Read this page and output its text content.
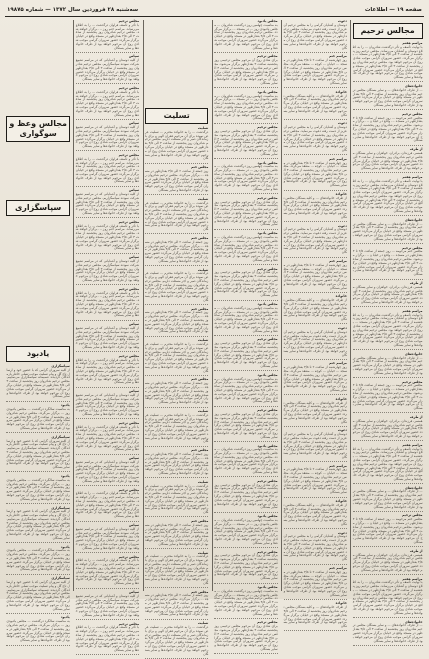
صفحه ۱۹ — اطلاعات
سه‌شنبه ۲۸ فروردین سال ۱۳۷۲ — شماره ۱۹۸۷۵
مجالس ترحیم
مراسم هفتم
با نهایت تأسف و تأثر درگذشت شادروان ... را به اطلاع دوستان و آشنایان می‌رساند. مجلس ترحیم روز پنجشنبه از ساعت ۳ الی ۴/۵ بعدازظهر در مسجد ... برگزار می‌گردد. حضور سروران گرامی موجب شادی روح آن مرحوم خواهد بود. مجلس ترحیم شادروان روز پنجشنبه از ساعت ۳ الی ۴/۵ بعدازظهر در مسجد واقع در خیابان برگزار می‌گردد حضور سروران گرامی موجب شادی روح آن مرحوم خواهد بود از طرف خانواده‌ها و سایر بستگان
خانواده‌های
... از طرف خانواده‌های ... و سایر بستگان مجلس ترحیم شادروان روز پنجشنبه از ساعت ۳ الی ۴/۵ بعدازظهر در مسجد واقع در خیابان برگزار می‌گردد حضور سروران گرامی موجب شادی روح آن مرحوم خواهد بود از طرف خانواده‌ها و سایر بستگان
مجلس ترحیم
مجلس ختم مرحومه ... روز جمعه از ساعت ۲/۵ تا ۴ بعدازظهر در مسجد ... واقع در خیابان ... برگزار می‌شود. مجلس ترحیم شادروان روز پنجشنبه از ساعت ۳ الی ۴/۵ بعدازظهر در مسجد واقع در خیابان برگزار می‌گردد حضور سروران گرامی موجب شادی روح آن مرحوم خواهد بود از طرف خانواده‌ها و سایر بستگان
از طرف
همسر، فرزندان، برادران، خواهران و سایر بستگان مجلس ترحیم شادروان روز پنجشنبه از ساعت ۳ الی ۴/۵ بعدازظهر در مسجد واقع در خیابان برگزار می‌گردد حضور سروران گرامی موجب شادی روح آن مرحوم خواهد بود از طرف خانواده‌ها و سایر بستگان
مراسم هفتم
با نهایت تأسف و تأثر درگذشت شادروان ... را به اطلاع دوستان و آشنایان می‌رساند. مجلس ترحیم روز پنجشنبه از ساعت ۳ الی ۴/۵ بعدازظهر در مسجد ... برگزار می‌گردد. حضور سروران گرامی موجب شادی روح آن مرحوم خواهد بود. مجلس ترحیم شادروان روز پنجشنبه از ساعت ۳ الی ۴/۵ بعدازظهر در مسجد واقع در خیابان برگزار می‌گردد حضور سروران گرامی موجب شادی روح آن مرحوم خواهد بود از طرف خانواده‌ها و سایر بستگان
خانواده‌های
... از طرف خانواده‌های ... و سایر بستگان مجلس ترحیم شادروان روز پنجشنبه از ساعت ۳ الی ۴/۵ بعدازظهر در مسجد واقع در خیابان برگزار می‌گردد حضور سروران گرامی موجب شادی روح آن مرحوم خواهد بود از طرف خانواده‌ها و سایر بستگان
مجلس ترحیم
مجلس ختم مرحومه ... روز جمعه از ساعت ۲/۵ تا ۴ بعدازظهر در مسجد ... واقع در خیابان ... برگزار می‌شود. مجلس ترحیم شادروان روز پنجشنبه از ساعت ۳ الی ۴/۵ بعدازظهر در مسجد واقع در خیابان برگزار می‌گردد حضور سروران گرامی موجب شادی روح آن مرحوم خواهد بود از طرف خانواده‌ها و سایر بستگان
از طرف
همسر، فرزندان، برادران، خواهران و سایر بستگان مجلس ترحیم شادروان روز پنجشنبه از ساعت ۳ الی ۴/۵ بعدازظهر در مسجد واقع در خیابان برگزار می‌گردد حضور سروران گرامی موجب شادی روح آن مرحوم خواهد بود از طرف خانواده‌ها و سایر بستگان
مراسم هفتم
با نهایت تأسف و تأثر درگذشت شادروان ... را به اطلاع دوستان و آشنایان می‌رساند. مجلس ترحیم روز پنجشنبه از ساعت ۳ الی ۴/۵ بعدازظهر در مسجد ... برگزار می‌گردد. حضور سروران گرامی موجب شادی روح آن مرحوم خواهد بود. مجلس ترحیم شادروان روز پنجشنبه از ساعت ۳ الی ۴/۵ بعدازظهر در مسجد واقع در خیابان برگزار می‌گردد حضور سروران گرامی موجب شادی روح آن مرحوم خواهد بود از طرف خانواده‌ها و سایر بستگان
خانواده‌های
... از طرف خانواده‌های ... و سایر بستگان مجلس ترحیم شادروان روز پنجشنبه از ساعت ۳ الی ۴/۵ بعدازظهر در مسجد واقع در خیابان برگزار می‌گردد حضور سروران گرامی موجب شادی روح آن مرحوم خواهد بود از طرف خانواده‌ها و سایر بستگان
مجلس ترحیم
مجلس ختم مرحومه ... روز جمعه از ساعت ۲/۵ تا ۴ بعدازظهر در مسجد ... واقع در خیابان ... برگزار می‌شود. مجلس ترحیم شادروان روز پنجشنبه از ساعت ۳ الی ۴/۵ بعدازظهر در مسجد واقع در خیابان برگزار می‌گردد حضور سروران گرامی موجب شادی روح آن مرحوم خواهد بود از طرف خانواده‌ها و سایر بستگان
از طرف
همسر، فرزندان، برادران، خواهران و سایر بستگان مجلس ترحیم شادروان روز پنجشنبه از ساعت ۳ الی ۴/۵ بعدازظهر در مسجد واقع در خیابان برگزار می‌گردد حضور سروران گرامی موجب شادی روح آن مرحوم خواهد بود از طرف خانواده‌ها و سایر بستگان
مراسم هفتم
با نهایت تأسف و تأثر درگذشت شادروان ... را به اطلاع دوستان و آشنایان می‌رساند. مجلس ترحیم روز پنجشنبه از ساعت ۳ الی ۴/۵ بعدازظهر در مسجد ... برگزار می‌گردد. حضور سروران گرامی موجب شادی روح آن مرحوم خواهد بود. مجلس ترحیم شادروان روز پنجشنبه از ساعت ۳ الی ۴/۵ بعدازظهر در مسجد واقع در خیابان برگزار می‌گردد حضور سروران گرامی موجب شادی روح آن مرحوم خواهد بود از طرف خانواده‌ها و سایر بستگان
خانواده‌های
... از طرف خانواده‌های ... و سایر بستگان مجلس ترحیم شادروان روز پنجشنبه از ساعت ۳ الی ۴/۵ بعدازظهر در مسجد واقع در خیابان برگزار می‌گردد حضور سروران گرامی موجب شادی روح آن مرحوم خواهد بود از طرف خانواده‌ها و سایر بستگان
مجلس ترحیم
مجلس ختم مرحومه ... روز جمعه از ساعت ۲/۵ تا ۴ بعدازظهر در مسجد ... واقع در خیابان ... برگزار می‌شود. مجلس ترحیم شادروان روز پنجشنبه از ساعت ۳ الی ۴/۵ بعدازظهر در مسجد واقع در خیابان برگزار می‌گردد حضور سروران گرامی موجب شادی روح آن مرحوم خواهد بود از طرف خانواده‌ها و سایر بستگان
از طرف
همسر، فرزندان، برادران، خواهران و سایر بستگان مجلس ترحیم شادروان روز پنجشنبه از ساعت ۳ الی ۴/۵ بعدازظهر در مسجد واقع در خیابان برگزار می‌گردد حضور سروران گرامی موجب شادی روح آن مرحوم خواهد بود از طرف خانواده‌ها و سایر بستگان
مراسم هفتم
با نهایت تأسف و تأثر درگذشت شادروان ... را به اطلاع دوستان و آشنایان می‌رساند. مجلس ترحیم روز پنجشنبه از ساعت ۳ الی ۴/۵ بعدازظهر در مسجد ... برگزار می‌گردد. حضور سروران گرامی موجب شادی روح آن مرحوم خواهد بود. مجلس ترحیم شادروان روز پنجشنبه از ساعت ۳ الی ۴/۵ بعدازظهر در مسجد واقع در خیابان برگزار می‌گردد حضور سروران گرامی موجب شادی روح آن مرحوم خواهد بود از طرف خانواده‌ها و سایر بستگان
خانواده‌های
... از طرف خانواده‌های ... و سایر بستگان مجلس ترحیم شادروان روز پنجشنبه از ساعت ۳ الی ۴/۵ بعدازظهر در مسجد واقع در خیابان برگزار می‌گردد حضور سروران گرامی موجب شادی روح آن مرحوم خواهد بود از طرف خانواده‌ها و سایر بستگان
دعوت
دوستان و آشنایان گرامی را به مجلس ترحیم آن عزیز از دست رفته دعوت می‌نماید. مجلس ترحیم شادروان روز پنجشنبه از ساعت ۳ الی ۴/۵ بعدازظهر در مسجد واقع در خیابان برگزار می‌گردد حضور سروران گرامی موجب شادی روح آن مرحوم خواهد بود از طرف خانواده‌ها و سایر بستگان
مراسم ختم
روز چهارشنبه از ساعت ۲ تا ۳/۵ بعدازظهر در مسجد ... خیابان ... کوچه ... منعقد می‌گردد. مجلس ترحیم شادروان روز پنجشنبه از ساعت ۳ الی ۴/۵ بعدازظهر در مسجد واقع در خیابان برگزار می‌گردد حضور سروران گرامی موجب شادی روح آن مرحوم خواهد بود از طرف خانواده‌ها و سایر بستگان
خانواده
از طرف خانواده‌های ... و کلیه بستگان مجلس ترحیم شادروان روز پنجشنبه از ساعت ۳ الی ۴/۵ بعدازظهر در مسجد واقع در خیابان برگزار می‌گردد حضور سروران گرامی موجب شادی روح آن مرحوم خواهد بود از طرف خانواده‌ها و سایر بستگان
دعوت
دوستان و آشنایان گرامی را به مجلس ترحیم آن عزیز از دست رفته دعوت می‌نماید. مجلس ترحیم شادروان روز پنجشنبه از ساعت ۳ الی ۴/۵ بعدازظهر در مسجد واقع در خیابان برگزار می‌گردد حضور سروران گرامی موجب شادی روح آن مرحوم خواهد بود از طرف خانواده‌ها و سایر بستگان
مراسم ختم
روز چهارشنبه از ساعت ۲ تا ۳/۵ بعدازظهر در مسجد ... خیابان ... کوچه ... منعقد می‌گردد. مجلس ترحیم شادروان روز پنجشنبه از ساعت ۳ الی ۴/۵ بعدازظهر در مسجد واقع در خیابان برگزار می‌گردد حضور سروران گرامی موجب شادی روح آن مرحوم خواهد بود از طرف خانواده‌ها و سایر بستگان
خانواده
از طرف خانواده‌های ... و کلیه بستگان مجلس ترحیم شادروان روز پنجشنبه از ساعت ۳ الی ۴/۵ بعدازظهر در مسجد واقع در خیابان برگزار می‌گردد حضور سروران گرامی موجب شادی روح آن مرحوم خواهد بود از طرف خانواده‌ها و سایر بستگان
دعوت
دوستان و آشنایان گرامی را به مجلس ترحیم آن عزیز از دست رفته دعوت می‌نماید. مجلس ترحیم شادروان روز پنجشنبه از ساعت ۳ الی ۴/۵ بعدازظهر در مسجد واقع در خیابان برگزار می‌گردد حضور سروران گرامی موجب شادی روح آن مرحوم خواهد بود از طرف خانواده‌ها و سایر بستگان
مراسم ختم
روز چهارشنبه از ساعت ۲ تا ۳/۵ بعدازظهر در مسجد ... خیابان ... کوچه ... منعقد می‌گردد. مجلس ترحیم شادروان روز پنجشنبه از ساعت ۳ الی ۴/۵ بعدازظهر در مسجد واقع در خیابان برگزار می‌گردد حضور سروران گرامی موجب شادی روح آن مرحوم خواهد بود از طرف خانواده‌ها و سایر بستگان
خانواده
از طرف خانواده‌های ... و کلیه بستگان مجلس ترحیم شادروان روز پنجشنبه از ساعت ۳ الی ۴/۵ بعدازظهر در مسجد واقع در خیابان برگزار می‌گردد حضور سروران گرامی موجب شادی روح آن مرحوم خواهد بود از طرف خانواده‌ها و سایر بستگان
دعوت
دوستان و آشنایان گرامی را به مجلس ترحیم آن عزیز از دست رفته دعوت می‌نماید. مجلس ترحیم شادروان روز پنجشنبه از ساعت ۳ الی ۴/۵ بعدازظهر در مسجد واقع در خیابان برگزار می‌گردد حضور سروران گرامی موجب شادی روح آن مرحوم خواهد بود از طرف خانواده‌ها و سایر بستگان
مراسم ختم
روز چهارشنبه از ساعت ۲ تا ۳/۵ بعدازظهر در مسجد ... خیابان ... کوچه ... منعقد می‌گردد. مجلس ترحیم شادروان روز پنجشنبه از ساعت ۳ الی ۴/۵ بعدازظهر در مسجد واقع در خیابان برگزار می‌گردد حضور سروران گرامی موجب شادی روح آن مرحوم خواهد بود از طرف خانواده‌ها و سایر بستگان
خانواده
از طرف خانواده‌های ... و کلیه بستگان مجلس ترحیم شادروان روز پنجشنبه از ساعت ۳ الی ۴/۵ بعدازظهر در مسجد واقع در خیابان برگزار می‌گردد حضور سروران گرامی موجب شادی روح آن مرحوم خواهد بود از طرف خانواده‌ها و سایر بستگان
دعوت
دوستان و آشنایان گرامی را به مجلس ترحیم آن عزیز از دست رفته دعوت می‌نماید. مجلس ترحیم شادروان روز پنجشنبه از ساعت ۳ الی ۴/۵ بعدازظهر در مسجد واقع در خیابان برگزار می‌گردد حضور سروران گرامی موجب شادی روح آن مرحوم خواهد بود از طرف خانواده‌ها و سایر بستگان
مراسم ختم
روز چهارشنبه از ساعت ۲ تا ۳/۵ بعدازظهر در مسجد ... خیابان ... کوچه ... منعقد می‌گردد. مجلس ترحیم شادروان روز پنجشنبه از ساعت ۳ الی ۴/۵ بعدازظهر در مسجد واقع در خیابان برگزار می‌گردد حضور سروران گرامی موجب شادی روح آن مرحوم خواهد بود از طرف خانواده‌ها و سایر بستگان
خانواده
از طرف خانواده‌های ... و کلیه بستگان مجلس ترحیم شادروان روز پنجشنبه از ساعت ۳ الی ۴/۵ بعدازظهر در مسجد واقع در خیابان برگزار می‌گردد حضور سروران گرامی موجب شادی روح آن مرحوم خواهد بود از طرف خانواده‌ها و سایر بستگان
دعوت
دوستان و آشنایان گرامی را به مجلس ترحیم آن عزیز از دست رفته دعوت می‌نماید. مجلس ترحیم شادروان روز پنجشنبه از ساعت ۳ الی ۴/۵ بعدازظهر در مسجد واقع در خیابان برگزار می‌گردد حضور سروران گرامی موجب شادی روح آن مرحوم خواهد بود از طرف خانواده‌ها و سایر بستگان
مراسم ختم
روز چهارشنبه از ساعت ۲ تا ۳/۵ بعدازظهر در مسجد ... خیابان ... کوچه ... منعقد می‌گردد. مجلس ترحیم شادروان روز پنجشنبه از ساعت ۳ الی ۴/۵ بعدازظهر در مسجد واقع در خیابان برگزار می‌گردد حضور سروران گرامی موجب شادی روح آن مرحوم خواهد بود از طرف خانواده‌ها و سایر بستگان
خانواده
از طرف خانواده‌های ... و کلیه بستگان مجلس ترحیم شادروان روز پنجشنبه از ساعت ۳ الی ۴/۵ بعدازظهر در مسجد واقع در خیابان برگزار می‌گردد حضور سروران گرامی موجب شادی روح آن مرحوم خواهد بود از طرف خانواده‌ها و سایر بستگان
مجلس یادبود
به مناسبت چهلمین روز درگذشت شادروان ... مجلس یادبودی روز ... در مسجد ... برگزار می‌گردد. مجلس ترحیم شادروان روز پنجشنبه از ساعت ۳ الی ۴/۵ بعدازظهر در مسجد واقع در خیابان برگزار می‌گردد حضور سروران گرامی موجب شادی روح آن مرحوم خواهد بود از طرف خانواده‌ها و سایر بستگان
مجلس ترحیم
برای شادی روح آن مرحوم مجلس ترحیمی روز پنجشنبه ساعت ۳ بعدازظهر برگزار می‌شود. مجلس ترحیم شادروان روز پنجشنبه از ساعت ۳ الی ۴/۵ بعدازظهر در مسجد واقع در خیابان برگزار می‌گردد حضور سروران گرامی موجب شادی روح آن مرحوم خواهد بود از طرف خانواده‌ها و سایر بستگان
مجلس یادبود
به مناسبت چهلمین روز درگذشت شادروان ... مجلس یادبودی روز ... در مسجد ... برگزار می‌گردد. مجلس ترحیم شادروان روز پنجشنبه از ساعت ۳ الی ۴/۵ بعدازظهر در مسجد واقع در خیابان برگزار می‌گردد حضور سروران گرامی موجب شادی روح آن مرحوم خواهد بود از طرف خانواده‌ها و سایر بستگان
مجلس ترحیم
برای شادی روح آن مرحوم مجلس ترحیمی روز پنجشنبه ساعت ۳ بعدازظهر برگزار می‌شود. مجلس ترحیم شادروان روز پنجشنبه از ساعت ۳ الی ۴/۵ بعدازظهر در مسجد واقع در خیابان برگزار می‌گردد حضور سروران گرامی موجب شادی روح آن مرحوم خواهد بود از طرف خانواده‌ها و سایر بستگان
مجلس یادبود
به مناسبت چهلمین روز درگذشت شادروان ... مجلس یادبودی روز ... در مسجد ... برگزار می‌گردد. مجلس ترحیم شادروان روز پنجشنبه از ساعت ۳ الی ۴/۵ بعدازظهر در مسجد واقع در خیابان برگزار می‌گردد حضور سروران گرامی موجب شادی روح آن مرحوم خواهد بود از طرف خانواده‌ها و سایر بستگان
مجلس ترحیم
برای شادی روح آن مرحوم مجلس ترحیمی روز پنجشنبه ساعت ۳ بعدازظهر برگزار می‌شود. مجلس ترحیم شادروان روز پنجشنبه از ساعت ۳ الی ۴/۵ بعدازظهر در مسجد واقع در خیابان برگزار می‌گردد حضور سروران گرامی موجب شادی روح آن مرحوم خواهد بود از طرف خانواده‌ها و سایر بستگان
مجلس یادبود
به مناسبت چهلمین روز درگذشت شادروان ... مجلس یادبودی روز ... در مسجد ... برگزار می‌گردد. مجلس ترحیم شادروان روز پنجشنبه از ساعت ۳ الی ۴/۵ بعدازظهر در مسجد واقع در خیابان برگزار می‌گردد حضور سروران گرامی موجب شادی روح آن مرحوم خواهد بود از طرف خانواده‌ها و سایر بستگان
مجلس ترحیم
برای شادی روح آن مرحوم مجلس ترحیمی روز پنجشنبه ساعت ۳ بعدازظهر برگزار می‌شود. مجلس ترحیم شادروان روز پنجشنبه از ساعت ۳ الی ۴/۵ بعدازظهر در مسجد واقع در خیابان برگزار می‌گردد حضور سروران گرامی موجب شادی روح آن مرحوم خواهد بود از طرف خانواده‌ها و سایر بستگان
مجلس یادبود
به مناسبت چهلمین روز درگذشت شادروان ... مجلس یادبودی روز ... در مسجد ... برگزار می‌گردد. مجلس ترحیم شادروان روز پنجشنبه از ساعت ۳ الی ۴/۵ بعدازظهر در مسجد واقع در خیابان برگزار می‌گردد حضور سروران گرامی موجب شادی روح آن مرحوم خواهد بود از طرف خانواده‌ها و سایر بستگان
مجلس ترحیم
برای شادی روح آن مرحوم مجلس ترحیمی روز پنجشنبه ساعت ۳ بعدازظهر برگزار می‌شود. مجلس ترحیم شادروان روز پنجشنبه از ساعت ۳ الی ۴/۵ بعدازظهر در مسجد واقع در خیابان برگزار می‌گردد حضور سروران گرامی موجب شادی روح آن مرحوم خواهد بود از طرف خانواده‌ها و سایر بستگان
مجلس یادبود
به مناسبت چهلمین روز درگذشت شادروان ... مجلس یادبودی روز ... در مسجد ... برگزار می‌گردد. مجلس ترحیم شادروان روز پنجشنبه از ساعت ۳ الی ۴/۵ بعدازظهر در مسجد واقع در خیابان برگزار می‌گردد حضور سروران گرامی موجب شادی روح آن مرحوم خواهد بود از طرف خانواده‌ها و سایر بستگان
مجلس ترحیم
برای شادی روح آن مرحوم مجلس ترحیمی روز پنجشنبه ساعت ۳ بعدازظهر برگزار می‌شود. مجلس ترحیم شادروان روز پنجشنبه از ساعت ۳ الی ۴/۵ بعدازظهر در مسجد واقع در خیابان برگزار می‌گردد حضور سروران گرامی موجب شادی روح آن مرحوم خواهد بود از طرف خانواده‌ها و سایر بستگان
مجلس یادبود
به مناسبت چهلمین روز درگذشت شادروان ... مجلس یادبودی روز ... در مسجد ... برگزار می‌گردد. مجلس ترحیم شادروان روز پنجشنبه از ساعت ۳ الی ۴/۵ بعدازظهر در مسجد واقع در خیابان برگزار می‌گردد حضور سروران گرامی موجب شادی روح آن مرحوم خواهد بود از طرف خانواده‌ها و سایر بستگان
مجلس ترحیم
برای شادی روح آن مرحوم مجلس ترحیمی روز پنجشنبه ساعت ۳ بعدازظهر برگزار می‌شود. مجلس ترحیم شادروان روز پنجشنبه از ساعت ۳ الی ۴/۵ بعدازظهر در مسجد واقع در خیابان برگزار می‌گردد حضور سروران گرامی موجب شادی روح آن مرحوم خواهد بود از طرف خانواده‌ها و سایر بستگان
مجلس یادبود
به مناسبت چهلمین روز درگذشت شادروان ... مجلس یادبودی روز ... در مسجد ... برگزار می‌گردد. مجلس ترحیم شادروان روز پنجشنبه از ساعت ۳ الی ۴/۵ بعدازظهر در مسجد واقع در خیابان برگزار می‌گردد حضور سروران گرامی موجب شادی روح آن مرحوم خواهد بود از طرف خانواده‌ها و سایر بستگان
مجلس ترحیم
برای شادی روح آن مرحوم مجلس ترحیمی روز پنجشنبه ساعت ۳ بعدازظهر برگزار می‌شود. مجلس ترحیم شادروان روز پنجشنبه از ساعت ۳ الی ۴/۵ بعدازظهر در مسجد واقع در خیابان برگزار می‌گردد حضور سروران گرامی موجب شادی روح آن مرحوم خواهد بود از طرف خانواده‌ها و سایر بستگان
مجلس یادبود
به مناسبت چهلمین روز درگذشت شادروان ... مجلس یادبودی روز ... در مسجد ... برگزار می‌گردد. مجلس ترحیم شادروان روز پنجشنبه از ساعت ۳ الی ۴/۵ بعدازظهر در مسجد واقع در خیابان برگزار می‌گردد حضور سروران گرامی موجب شادی روح آن مرحوم خواهد بود از طرف خانواده‌ها و سایر بستگان
مجلس ترحیم
برای شادی روح آن مرحوم مجلس ترحیمی روز پنجشنبه ساعت ۳ بعدازظهر برگزار می‌شود. مجلس ترحیم شادروان روز پنجشنبه از ساعت ۳ الی ۴/۵ بعدازظهر در مسجد واقع در خیابان برگزار می‌گردد حضور سروران گرامی موجب شادی روح آن مرحوم خواهد بود از طرف خانواده‌ها و سایر بستگان
تسلیت
تسلیت
درگذشت ... را به خانواده محترم ... تسلیت عرض نموده برای آن مرحوم غفران الهی و برای بازماندگان صبر و اجر مسئلت داریم. مجلس ترحیم شادروان روز پنجشنبه از ساعت ۳ الی ۴/۵ بعدازظهر در مسجد واقع در خیابان برگزار می‌گردد حضور سروران گرامی موجب شادی روح آن مرحوم خواهد بود از طرف خانواده‌ها و سایر بستگان
مجلس ختم
روز جمعه از ساعت ۲ الی ۳/۵ بعدازظهر در مسجد ... برگزار می‌گردد. مجلس ترحیم شادروان روز پنجشنبه از ساعت ۳ الی ۴/۵ بعدازظهر در مسجد واقع در خیابان برگزار می‌گردد حضور سروران گرامی موجب شادی روح آن مرحوم خواهد بود از طرف خانواده‌ها و سایر بستگان
تسلیت
درگذشت ... را به خانواده محترم ... تسلیت عرض نموده برای آن مرحوم غفران الهی و برای بازماندگان صبر و اجر مسئلت داریم. مجلس ترحیم شادروان روز پنجشنبه از ساعت ۳ الی ۴/۵ بعدازظهر در مسجد واقع در خیابان برگزار می‌گردد حضور سروران گرامی موجب شادی روح آن مرحوم خواهد بود از طرف خانواده‌ها و سایر بستگان
مجلس ختم
روز جمعه از ساعت ۲ الی ۳/۵ بعدازظهر در مسجد ... برگزار می‌گردد. مجلس ترحیم شادروان روز پنجشنبه از ساعت ۳ الی ۴/۵ بعدازظهر در مسجد واقع در خیابان برگزار می‌گردد حضور سروران گرامی موجب شادی روح آن مرحوم خواهد بود از طرف خانواده‌ها و سایر بستگان
تسلیت
درگذشت ... را به خانواده محترم ... تسلیت عرض نموده برای آن مرحوم غفران الهی و برای بازماندگان صبر و اجر مسئلت داریم. مجلس ترحیم شادروان روز پنجشنبه از ساعت ۳ الی ۴/۵ بعدازظهر در مسجد واقع در خیابان برگزار می‌گردد حضور سروران گرامی موجب شادی روح آن مرحوم خواهد بود از طرف خانواده‌ها و سایر بستگان
مجلس ختم
روز جمعه از ساعت ۲ الی ۳/۵ بعدازظهر در مسجد ... برگزار می‌گردد. مجلس ترحیم شادروان روز پنجشنبه از ساعت ۳ الی ۴/۵ بعدازظهر در مسجد واقع در خیابان برگزار می‌گردد حضور سروران گرامی موجب شادی روح آن مرحوم خواهد بود از طرف خانواده‌ها و سایر بستگان
تسلیت
درگذشت ... را به خانواده محترم ... تسلیت عرض نموده برای آن مرحوم غفران الهی و برای بازماندگان صبر و اجر مسئلت داریم. مجلس ترحیم شادروان روز پنجشنبه از ساعت ۳ الی ۴/۵ بعدازظهر در مسجد واقع در خیابان برگزار می‌گردد حضور سروران گرامی موجب شادی روح آن مرحوم خواهد بود از طرف خانواده‌ها و سایر بستگان
مجلس ختم
روز جمعه از ساعت ۲ الی ۳/۵ بعدازظهر در مسجد ... برگزار می‌گردد. مجلس ترحیم شادروان روز پنجشنبه از ساعت ۳ الی ۴/۵ بعدازظهر در مسجد واقع در خیابان برگزار می‌گردد حضور سروران گرامی موجب شادی روح آن مرحوم خواهد بود از طرف خانواده‌ها و سایر بستگان
تسلیت
درگذشت ... را به خانواده محترم ... تسلیت عرض نموده برای آن مرحوم غفران الهی و برای بازماندگان صبر و اجر مسئلت داریم. مجلس ترحیم شادروان روز پنجشنبه از ساعت ۳ الی ۴/۵ بعدازظهر در مسجد واقع در خیابان برگزار می‌گردد حضور سروران گرامی موجب شادی روح آن مرحوم خواهد بود از طرف خانواده‌ها و سایر بستگان
مجلس ختم
روز جمعه از ساعت ۲ الی ۳/۵ بعدازظهر در مسجد ... برگزار می‌گردد. مجلس ترحیم شادروان روز پنجشنبه از ساعت ۳ الی ۴/۵ بعدازظهر در مسجد واقع در خیابان برگزار می‌گردد حضور سروران گرامی موجب شادی روح آن مرحوم خواهد بود از طرف خانواده‌ها و سایر بستگان
تسلیت
درگذشت ... را به خانواده محترم ... تسلیت عرض نموده برای آن مرحوم غفران الهی و برای بازماندگان صبر و اجر مسئلت داریم. مجلس ترحیم شادروان روز پنجشنبه از ساعت ۳ الی ۴/۵ بعدازظهر در مسجد واقع در خیابان برگزار می‌گردد حضور سروران گرامی موجب شادی روح آن مرحوم خواهد بود از طرف خانواده‌ها و سایر بستگان
مجلس ختم
روز جمعه از ساعت ۲ الی ۳/۵ بعدازظهر در مسجد ... برگزار می‌گردد. مجلس ترحیم شادروان روز پنجشنبه از ساعت ۳ الی ۴/۵ بعدازظهر در مسجد واقع در خیابان برگزار می‌گردد حضور سروران گرامی موجب شادی روح آن مرحوم خواهد بود از طرف خانواده‌ها و سایر بستگان
تسلیت
درگذشت ... را به خانواده محترم ... تسلیت عرض نموده برای آن مرحوم غفران الهی و برای بازماندگان صبر و اجر مسئلت داریم. مجلس ترحیم شادروان روز پنجشنبه از ساعت ۳ الی ۴/۵ بعدازظهر در مسجد واقع در خیابان برگزار می‌گردد حضور سروران گرامی موجب شادی روح آن مرحوم خواهد بود از طرف خانواده‌ها و سایر بستگان
مجلس ختم
روز جمعه از ساعت ۲ الی ۳/۵ بعدازظهر در مسجد ... برگزار می‌گردد. مجلس ترحیم شادروان روز پنجشنبه از ساعت ۳ الی ۴/۵ بعدازظهر در مسجد واقع در خیابان برگزار می‌گردد حضور سروران گرامی موجب شادی روح آن مرحوم خواهد بود از طرف خانواده‌ها و سایر بستگان
تسلیت
درگذشت ... را به خانواده محترم ... تسلیت عرض نموده برای آن مرحوم غفران الهی و برای بازماندگان صبر و اجر مسئلت داریم. مجلس ترحیم شادروان روز پنجشنبه از ساعت ۳ الی ۴/۵ بعدازظهر در مسجد واقع در خیابان برگزار می‌گردد حضور سروران گرامی موجب شادی روح آن مرحوم خواهد بود از طرف خانواده‌ها و سایر بستگان
مجلس ترحیم
با تأثر و تأسف فراوان درگذشت ... را به اطلاع می‌رساند. مراسم ختم روز ... برگزار خواهد شد. مجلس ترحیم شادروان روز پنجشنبه از ساعت ۳ الی ۴/۵ بعدازظهر در مسجد واقع در خیابان برگزار می‌گردد حضور سروران گرامی موجب شادی روح آن مرحوم خواهد بود از طرف خانواده‌ها و سایر بستگان
سپاس
از کلیه دوستان و آشنایانی که در مراسم تشییع شرکت نمودند سپاسگزاریم. مجلس ترحیم شادروان روز پنجشنبه از ساعت ۳ الی ۴/۵ بعدازظهر در مسجد واقع در خیابان برگزار می‌گردد حضور سروران گرامی موجب شادی روح آن مرحوم خواهد بود از طرف خانواده‌ها و سایر بستگان
مجلس ترحیم
با تأثر و تأسف فراوان درگذشت ... را به اطلاع می‌رساند. مراسم ختم روز ... برگزار خواهد شد. مجلس ترحیم شادروان روز پنجشنبه از ساعت ۳ الی ۴/۵ بعدازظهر در مسجد واقع در خیابان برگزار می‌گردد حضور سروران گرامی موجب شادی روح آن مرحوم خواهد بود از طرف خانواده‌ها و سایر بستگان
سپاس
از کلیه دوستان و آشنایانی که در مراسم تشییع شرکت نمودند سپاسگزاریم. مجلس ترحیم شادروان روز پنجشنبه از ساعت ۳ الی ۴/۵ بعدازظهر در مسجد واقع در خیابان برگزار می‌گردد حضور سروران گرامی موجب شادی روح آن مرحوم خواهد بود از طرف خانواده‌ها و سایر بستگان
مجلس ترحیم
با تأثر و تأسف فراوان درگذشت ... را به اطلاع می‌رساند. مراسم ختم روز ... برگزار خواهد شد. مجلس ترحیم شادروان روز پنجشنبه از ساعت ۳ الی ۴/۵ بعدازظهر در مسجد واقع در خیابان برگزار می‌گردد حضور سروران گرامی موجب شادی روح آن مرحوم خواهد بود از طرف خانواده‌ها و سایر بستگان
سپاس
از کلیه دوستان و آشنایانی که در مراسم تشییع شرکت نمودند سپاسگزاریم. مجلس ترحیم شادروان روز پنجشنبه از ساعت ۳ الی ۴/۵ بعدازظهر در مسجد واقع در خیابان برگزار می‌گردد حضور سروران گرامی موجب شادی روح آن مرحوم خواهد بود از طرف خانواده‌ها و سایر بستگان
مجلس ترحیم
با تأثر و تأسف فراوان درگذشت ... را به اطلاع می‌رساند. مراسم ختم روز ... برگزار خواهد شد. مجلس ترحیم شادروان روز پنجشنبه از ساعت ۳ الی ۴/۵ بعدازظهر در مسجد واقع در خیابان برگزار می‌گردد حضور سروران گرامی موجب شادی روح آن مرحوم خواهد بود از طرف خانواده‌ها و سایر بستگان
سپاس
از کلیه دوستان و آشنایانی که در مراسم تشییع شرکت نمودند سپاسگزاریم. مجلس ترحیم شادروان روز پنجشنبه از ساعت ۳ الی ۴/۵ بعدازظهر در مسجد واقع در خیابان برگزار می‌گردد حضور سروران گرامی موجب شادی روح آن مرحوم خواهد بود از طرف خانواده‌ها و سایر بستگان
مجلس ترحیم
با تأثر و تأسف فراوان درگذشت ... را به اطلاع می‌رساند. مراسم ختم روز ... برگزار خواهد شد. مجلس ترحیم شادروان روز پنجشنبه از ساعت ۳ الی ۴/۵ بعدازظهر در مسجد واقع در خیابان برگزار می‌گردد حضور سروران گرامی موجب شادی روح آن مرحوم خواهد بود از طرف خانواده‌ها و سایر بستگان
سپاس
از کلیه دوستان و آشنایانی که در مراسم تشییع شرکت نمودند سپاسگزاریم. مجلس ترحیم شادروان روز پنجشنبه از ساعت ۳ الی ۴/۵ بعدازظهر در مسجد واقع در خیابان برگزار می‌گردد حضور سروران گرامی موجب شادی روح آن مرحوم خواهد بود از طرف خانواده‌ها و سایر بستگان
مجلس ترحیم
با تأثر و تأسف فراوان درگذشت ... را به اطلاع می‌رساند. مراسم ختم روز ... برگزار خواهد شد. مجلس ترحیم شادروان روز پنجشنبه از ساعت ۳ الی ۴/۵ بعدازظهر در مسجد واقع در خیابان برگزار می‌گردد حضور سروران گرامی موجب شادی روح آن مرحوم خواهد بود از طرف خانواده‌ها و سایر بستگان
سپاس
از کلیه دوستان و آشنایانی که در مراسم تشییع شرکت نمودند سپاسگزاریم. مجلس ترحیم شادروان روز پنجشنبه از ساعت ۳ الی ۴/۵ بعدازظهر در مسجد واقع در خیابان برگزار می‌گردد حضور سروران گرامی موجب شادی روح آن مرحوم خواهد بود از طرف خانواده‌ها و سایر بستگان
مجلس ترحیم
با تأثر و تأسف فراوان درگذشت ... را به اطلاع می‌رساند. مراسم ختم روز ... برگزار خواهد شد. مجلس ترحیم شادروان روز پنجشنبه از ساعت ۳ الی ۴/۵ بعدازظهر در مسجد واقع در خیابان برگزار می‌گردد حضور سروران گرامی موجب شادی روح آن مرحوم خواهد بود از طرف خانواده‌ها و سایر بستگان
سپاس
از کلیه دوستان و آشنایانی که در مراسم تشییع شرکت نمودند سپاسگزاریم. مجلس ترحیم شادروان روز پنجشنبه از ساعت ۳ الی ۴/۵ بعدازظهر در مسجد واقع در خیابان برگزار می‌گردد حضور سروران گرامی موجب شادی روح آن مرحوم خواهد بود از طرف خانواده‌ها و سایر بستگان
مجلس ترحیم
با تأثر و تأسف فراوان درگذشت ... را به اطلاع می‌رساند. مراسم ختم روز ... برگزار خواهد شد. مجلس ترحیم شادروان روز پنجشنبه از ساعت ۳ الی ۴/۵ بعدازظهر در مسجد واقع در خیابان برگزار می‌گردد حضور سروران گرامی موجب شادی روح آن مرحوم خواهد بود از طرف خانواده‌ها و سایر بستگان
سپاس
از کلیه دوستان و آشنایانی که در مراسم تشییع شرکت نمودند سپاسگزاریم. مجلس ترحیم شادروان روز پنجشنبه از ساعت ۳ الی ۴/۵ بعدازظهر در مسجد واقع در خیابان برگزار می‌گردد حضور سروران گرامی موجب شادی روح آن مرحوم خواهد بود از طرف خانواده‌ها و سایر بستگان
مجلس ترحیم
با تأثر و تأسف فراوان درگذشت ... را به اطلاع می‌رساند. مراسم ختم روز ... برگزار خواهد شد. مجلس ترحیم شادروان روز پنجشنبه از ساعت ۳ الی ۴/۵ بعدازظهر در مسجد واقع در خیابان برگزار می‌گردد حضور سروران گرامی موجب شادی روح آن مرحوم خواهد بود از طرف خانواده‌ها و سایر بستگان
سپاس
از کلیه دوستان و آشنایانی که در مراسم تشییع شرکت نمودند سپاسگزاریم. مجلس ترحیم شادروان روز پنجشنبه از ساعت ۳ الی ۴/۵ بعدازظهر در مسجد واقع در خیابان برگزار می‌گردد حضور سروران گرامی موجب شادی روح آن مرحوم خواهد بود از طرف خانواده‌ها و سایر بستگان
مجلس ترحیم
با تأثر و تأسف فراوان درگذشت ... را به اطلاع می‌رساند. مراسم ختم روز ... برگزار خواهد شد. مجلس ترحیم شادروان روز پنجشنبه از ساعت ۳ الی ۴/۵ بعدازظهر در مسجد واقع در خیابان برگزار می‌گردد حضور سروران گرامی موجب شادی روح آن مرحوم خواهد بود از طرف خانواده‌ها و سایر بستگان
مجالس وعظ و سوگواری
سپاسگزاری
یادبود
سپاسگزاری
از کلیه سروران گرامی که با حضور خود و ارسال تاج گل و پیام تسلیت موجب تسلی خاطر بازماندگان گردیدند صمیمانه سپاسگزاری می‌نماییم. مجلس ترحیم شادروان روز پنجشنبه از ساعت ۳ الی ۴/۵ بعدازظهر در مسجد واقع در خیابان برگزار می‌گردد حضور سروران گرامی موجب شادی روح آن مرحوم خواهد بود از طرف خانواده‌ها و سایر بستگان
یادبود
به مناسبت سالگرد درگذشت ... مجلس یادبودی روز ... برگزار می‌گردد. مجلس ترحیم شادروان روز پنجشنبه از ساعت ۳ الی ۴/۵ بعدازظهر در مسجد واقع در خیابان برگزار می‌گردد حضور سروران گرامی موجب شادی روح آن مرحوم خواهد بود از طرف خانواده‌ها و سایر بستگان
سپاسگزاری
از کلیه سروران گرامی که با حضور خود و ارسال تاج گل و پیام تسلیت موجب تسلی خاطر بازماندگان گردیدند صمیمانه سپاسگزاری می‌نماییم. مجلس ترحیم شادروان روز پنجشنبه از ساعت ۳ الی ۴/۵ بعدازظهر در مسجد واقع در خیابان برگزار می‌گردد حضور سروران گرامی موجب شادی روح آن مرحوم خواهد بود از طرف خانواده‌ها و سایر بستگان
یادبود
به مناسبت سالگرد درگذشت ... مجلس یادبودی روز ... برگزار می‌گردد. مجلس ترحیم شادروان روز پنجشنبه از ساعت ۳ الی ۴/۵ بعدازظهر در مسجد واقع در خیابان برگزار می‌گردد حضور سروران گرامی موجب شادی روح آن مرحوم خواهد بود از طرف خانواده‌ها و سایر بستگان
سپاسگزاری
از کلیه سروران گرامی که با حضور خود و ارسال تاج گل و پیام تسلیت موجب تسلی خاطر بازماندگان گردیدند صمیمانه سپاسگزاری می‌نماییم. مجلس ترحیم شادروان روز پنجشنبه از ساعت ۳ الی ۴/۵ بعدازظهر در مسجد واقع در خیابان برگزار می‌گردد حضور سروران گرامی موجب شادی روح آن مرحوم خواهد بود از طرف خانواده‌ها و سایر بستگان
یادبود
به مناسبت سالگرد درگذشت ... مجلس یادبودی روز ... برگزار می‌گردد. مجلس ترحیم شادروان روز پنجشنبه از ساعت ۳ الی ۴/۵ بعدازظهر در مسجد واقع در خیابان برگزار می‌گردد حضور سروران گرامی موجب شادی روح آن مرحوم خواهد بود از طرف خانواده‌ها و سایر بستگان
سپاسگزاری
از کلیه سروران گرامی که با حضور خود و ارسال تاج گل و پیام تسلیت موجب تسلی خاطر بازماندگان گردیدند صمیمانه سپاسگزاری می‌نماییم. مجلس ترحیم شادروان روز پنجشنبه از ساعت ۳ الی ۴/۵ بعدازظهر در مسجد واقع در خیابان برگزار می‌گردد حضور سروران گرامی موجب شادی روح آن مرحوم خواهد بود از طرف خانواده‌ها و سایر بستگان
یادبود
به مناسبت سالگرد درگذشت ... مجلس یادبودی روز ... برگزار می‌گردد. مجلس ترحیم شادروان روز پنجشنبه از ساعت ۳ الی ۴/۵ بعدازظهر در مسجد واقع در خیابان برگزار می‌گردد حضور سروران گرامی موجب شادی روح آن مرحوم خواهد بود از طرف خانواده‌ها و سایر بستگان
